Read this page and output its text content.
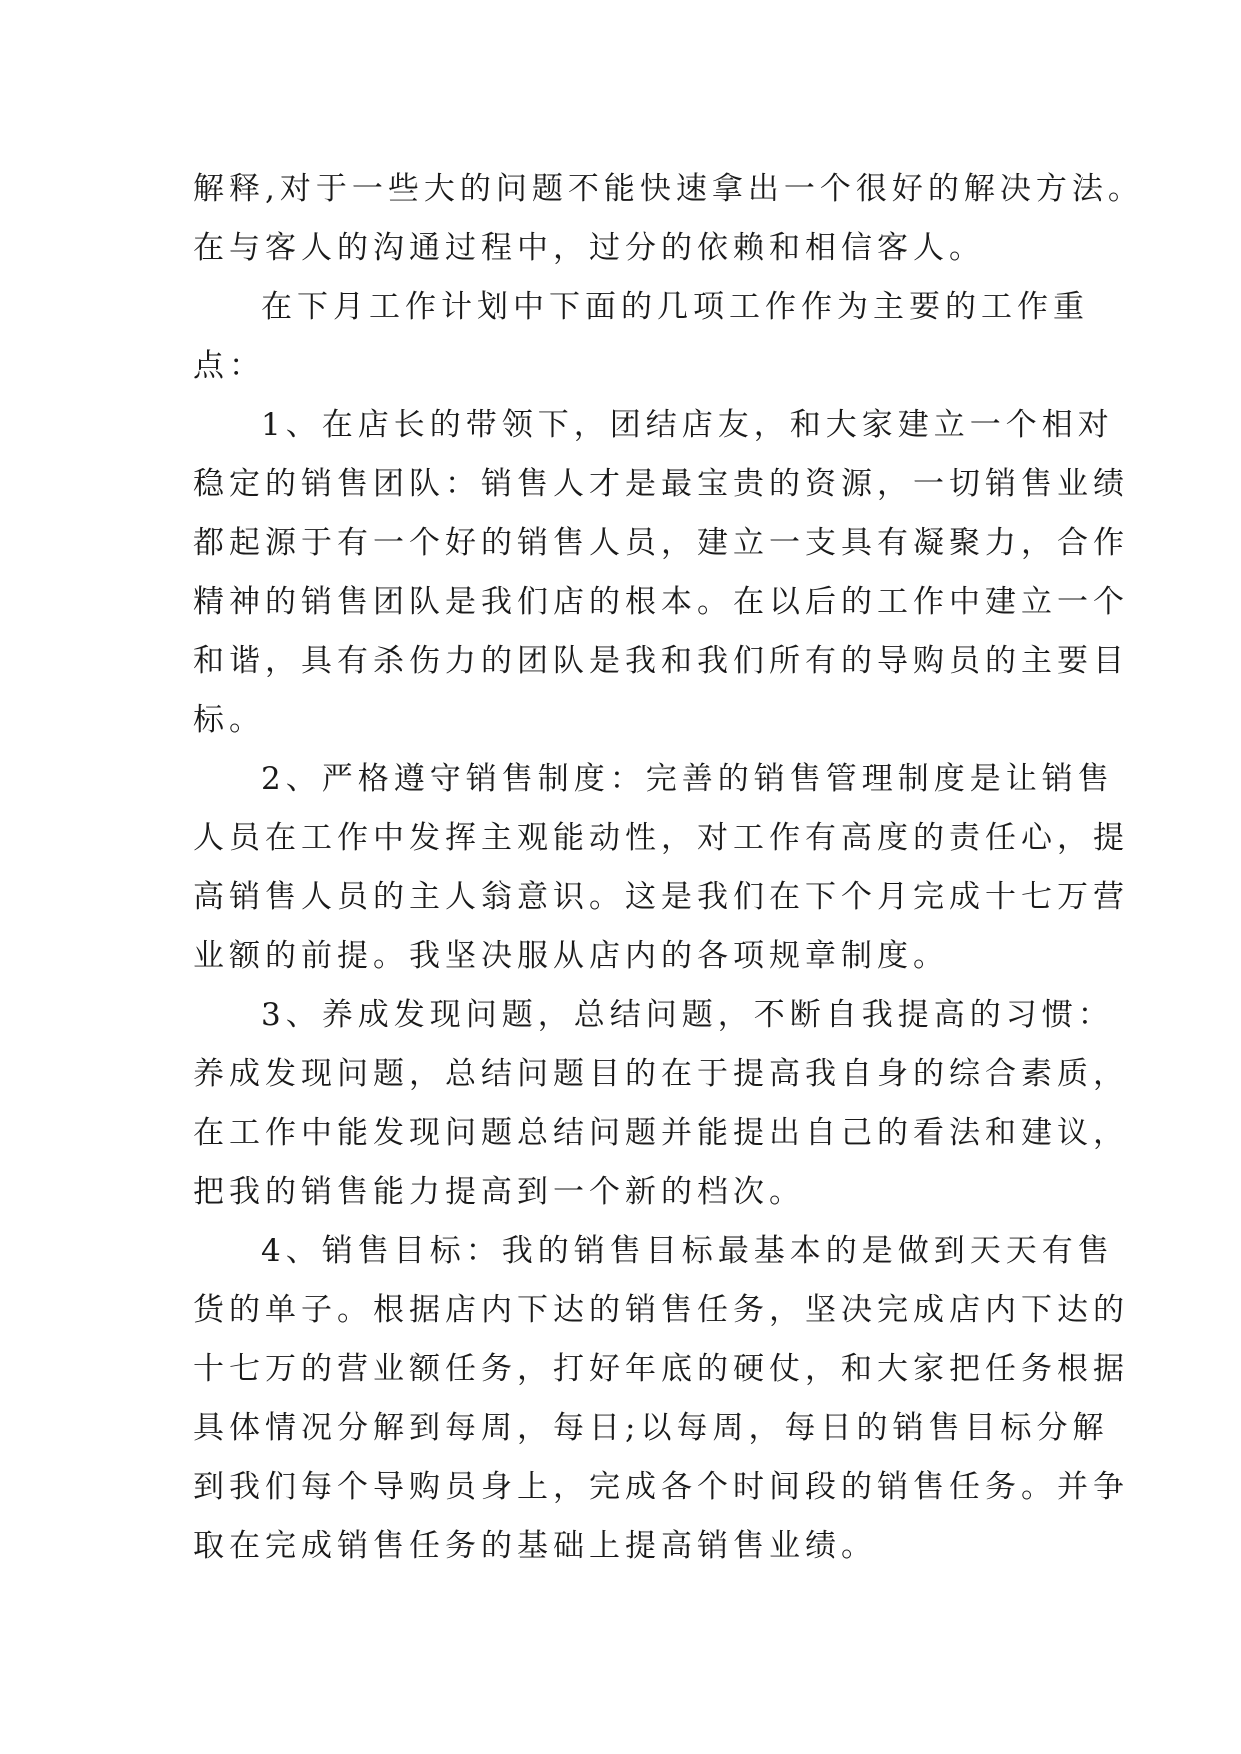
解释,对于一些大的问题不能快速拿出一个很好的解决方法。
在与客人的沟通过程中，过分的依赖和相信客人。
在下月工作计划中下面的几项工作作为主要的工作重
点：
1、在店长的带领下，团结店友，和大家建立一个相对
稳定的销售团队：销售人才是最宝贵的资源，一切销售业绩
都起源于有一个好的销售人员，建立一支具有凝聚力，合作
精神的销售团队是我们店的根本。在以后的工作中建立一个
和谐，具有杀伤力的团队是我和我们所有的导购员的主要目
标。
2、严格遵守销售制度：完善的销售管理制度是让销售
人员在工作中发挥主观能动性，对工作有高度的责任心，提
高销售人员的主人翁意识。这是我们在下个月完成十七万营
业额的前提。我坚决服从店内的各项规章制度。
3、养成发现问题，总结问题，不断自我提高的习惯：
养成发现问题，总结问题目的在于提高我自身的综合素质，
在工作中能发现问题总结问题并能提出自己的看法和建议，
把我的销售能力提高到一个新的档次。
4、销售目标：我的销售目标最基本的是做到天天有售
货的单子。根据店内下达的销售任务，坚决完成店内下达的
十七万的营业额任务，打好年底的硬仗，和大家把任务根据
具体情况分解到每周，每日;以每周，每日的销售目标分解
到我们每个导购员身上，完成各个时间段的销售任务。并争
取在完成销售任务的基础上提高销售业绩。
